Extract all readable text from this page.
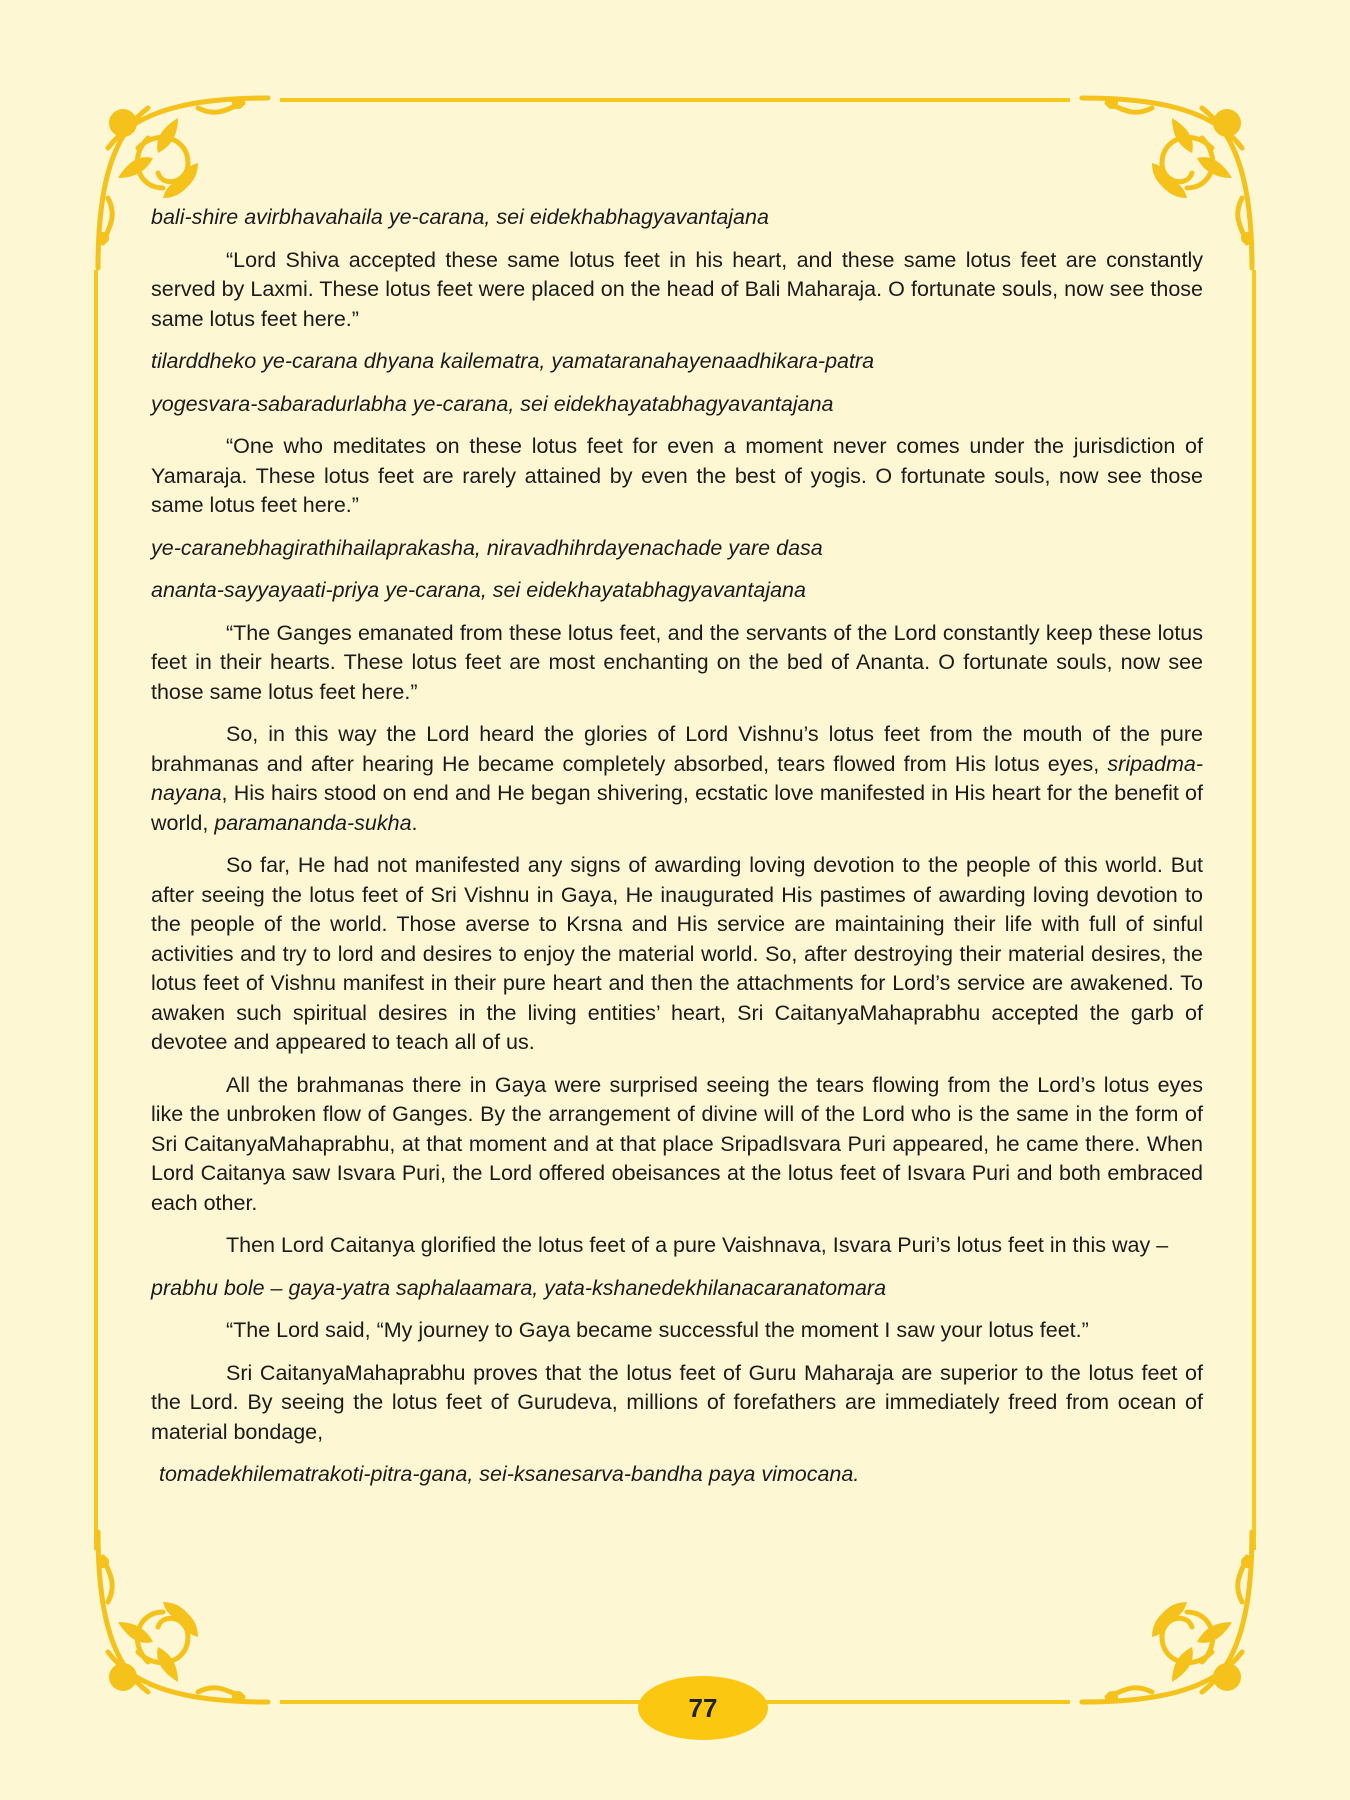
bali-shire avirbhavahaila ye-carana, sei eidekhabhagyavantajana

“Lord Shiva accepted these same lotus feet in his heart, and these same lotus feet are constantly served by Laxmi. These lotus feet were placed on the head of Bali Maharaja. O fortunate souls, now see those same lotus feet here.”

tilarddheko ye-carana dhyana kailematra, yamataranahayenaadhikara-patra

yogesvara-sabaradurlabha ye-carana, sei eidekhayatabhagyavantajana

“One who meditates on these lotus feet for even a moment never comes under the jurisdiction of Yamaraja. These lotus feet are rarely attained by even the best of yogis. O fortunate souls, now see those same lotus feet here.”

ye-caranebhagirathihailaprakasha, niravadhihrdayenachade yare dasa

ananta-sayyayaati-priya ye-carana, sei eidekhayatabhagyavantajana

“The Ganges emanated from these lotus feet, and the servants of the Lord constantly keep these lotus feet in their hearts. These lotus feet are most enchanting on the bed of Ananta. O fortunate souls, now see those same lotus feet here.”

So, in this way the Lord heard the glories of Lord Vishnu’s lotus feet from the mouth of the pure brahmanas and after hearing He became completely absorbed, tears flowed from His lotus eyes, sripadma-nayana, His hairs stood on end and He began shivering, ecstatic love manifested in His heart for the benefit of world, paramananda-sukha.

So far, He had not manifested any signs of awarding loving devotion to the people of this world. But after seeing the lotus feet of Sri Vishnu in Gaya, He inaugurated His pastimes of awarding loving devotion to the people of the world. Those averse to Krsna and His service are maintaining their life with full of sinful activities and try to lord and desires to enjoy the material world. So, after destroying their material desires, the lotus feet of Vishnu manifest in their pure heart and then the attachments for Lord’s service are awakened. To awaken such spiritual desires in the living entities’ heart, Sri CaitanyaMahaprabhu accepted the garb of devotee and appeared to teach all of us.

All the brahmanas there in Gaya were surprised seeing the tears flowing from the Lord’s lotus eyes like the unbroken flow of Ganges. By the arrangement of divine will of the Lord who is the same in the form of Sri CaitanyaMahaprabhu, at that moment and at that place SripadIsvara Puri appeared, he came there. When Lord Caitanya saw Isvara Puri, the Lord offered obeisances at the lotus feet of Isvara Puri and both embraced each other.

Then Lord Caitanya glorified the lotus feet of a pure Vaishnava, Isvara Puri’s lotus feet in this way –

prabhu bole – gaya-yatra saphalaamara, yata-kshanedekhilanacaranatomara

“The Lord said, “My journey to Gaya became successful the moment I saw your lotus feet.”

Sri CaitanyaMahaprabhu proves that the lotus feet of Guru Maharaja are superior to the lotus feet of the Lord. By seeing the lotus feet of Gurudeva, millions of forefathers are immediately freed from ocean of material bondage,

tomadekhilematrakoti-pitra-gana, sei-ksanesarva-bandha paya vimocana.

77
